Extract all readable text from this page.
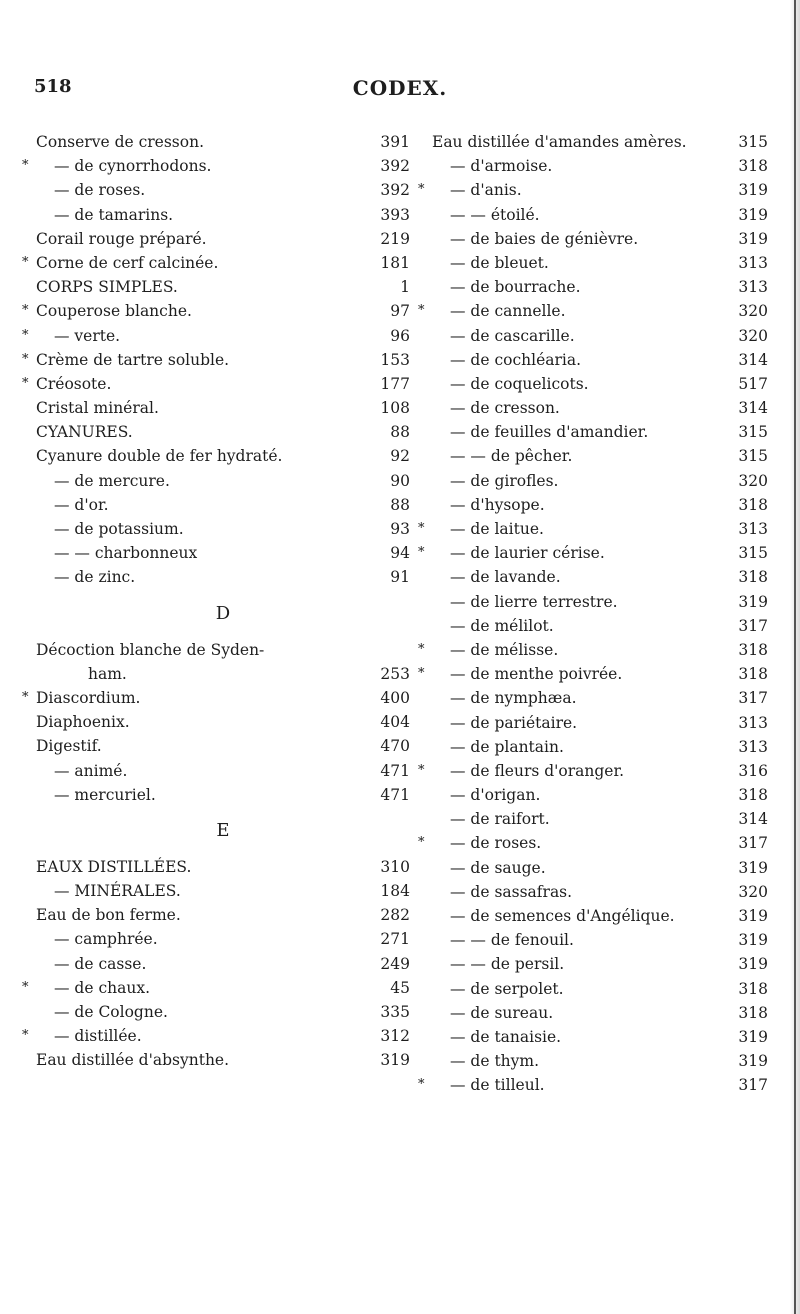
518	CODEX.
Conserve de cresson.	391
* — de cynorrhodons.	392
— de roses.	392
— de tamarins.	393
Corail rouge préparé.	219
* Corne de cerf calcinée.	181
CORPS SIMPLES.	1
* Couperose blanche.	97
* — verte.	96
* Crème de tartre soluble.	153
* Créosote.	177
Cristal minéral.	108
CYANURES.	88
Cyanure double de fer hydraté.	92
— de mercure.	90
— d'or.	88
— de potassium.	93
— — charbonneux	94
— de zinc.	91
D
Décoction blanche de Syden-
ham.	253
* Diascordium.	400
Diaphoenix.	404
Digestif.	470
— animé.	471
— mercuriel.	471
E
EAUX DISTILLÉES.	310
— MINÉRALES.	184
Eau de bon ferme.	282
— camphrée.	271
— de casse.	249
* — de chaux.	45
— de Cologne.	335
* — distillée.	312
Eau distillée d'absynthe.	319
Eau distillée d'amandes amères.	315
— d'armoise.	318
* — d'anis.	319
— — étoilé.	319
— de baies de génièvre.	319
— de bleuet.	313
— de bourrache.	313
* — de cannelle.	320
— de cascarille.	320
— de cochléaria.	314
— de coquelicots.	517
— de cresson.	314
— de feuilles d'amandier.	315
— — de pêcher.	315
— de girofles.	320
— d'hysope.	318
* — de laitue.	313
* — de laurier cérise.	315
— de lavande.	318
— de lierre terrestre.	319
— de mélilot.	317
* — de mélisse.	318
* — de menthe poivrée.	318
— de nymphæa.	317
— de pariétaire.	313
— de plantain.	313
* — de fleurs d'oranger.	316
— d'origan.	318
— de raifort.	314
* — de roses.	317
— de sauge.	319
— de sassafras.	320
— de semences d'Angélique.	319
— — de fenouil.	319
— — de persil.	319
— de serpolet.	318
— de sureau.	318
— de tanaisie.	319
— de thym.	319
* — de tilleul.	317
